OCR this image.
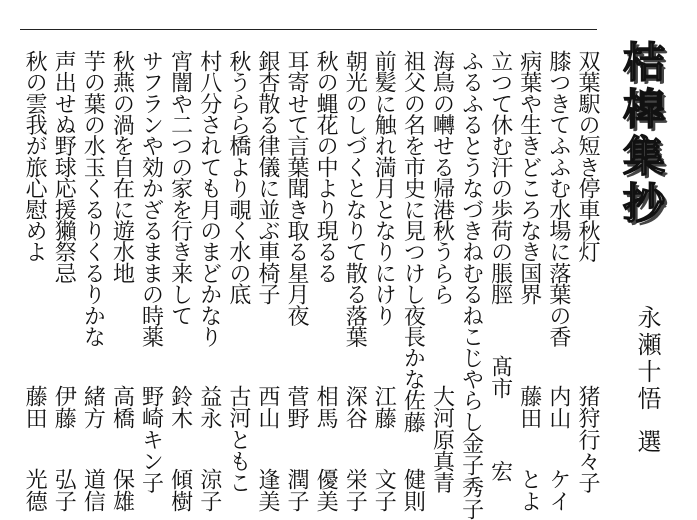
桔槹集抄
永瀬十悟選
双葉駅の短き停車秋灯
猪狩行々子
膝つきてふふむ水場に落葉の香
内山
ケイ
病葉や生きどころなき国界
藤田
とよ
立つて休む汗の歩荷の脹脛
髙市
宏
ふるふるとうなづきねむるねこじやらし
金子
秀子
海鳥の囀せる帰港秋うらら
大河原真青
祖父の名を市史に見つけし夜長かな
佐藤
健則
前髪に触れ満月となりにけり
江藤
文子
朝光のしづくとなりて散る落葉
深谷
栄子
秋の蝿花の中より現るる
相馬
優美
耳寄せて言葉聞き取る星月夜
菅野
潤子
銀杏散る律儀に並ぶ車椅子
西山
逢美
秋うらら橋より覗く水の底
古河ともこ
村八分されても月のまどかなり
益永
涼子
宵闇や二つの家を行き来して
鈴木
傾樹
サフランや効かざるままの時薬
野崎キン子
秋燕の渦を自在に遊水地
高橋
保雄
芋の葉の水玉くるりくるりかな
緒方
道信
声出せぬ野球応援獺祭忌
伊藤
弘子
秋の雲我が旅心慰めよ
藤田
光德
